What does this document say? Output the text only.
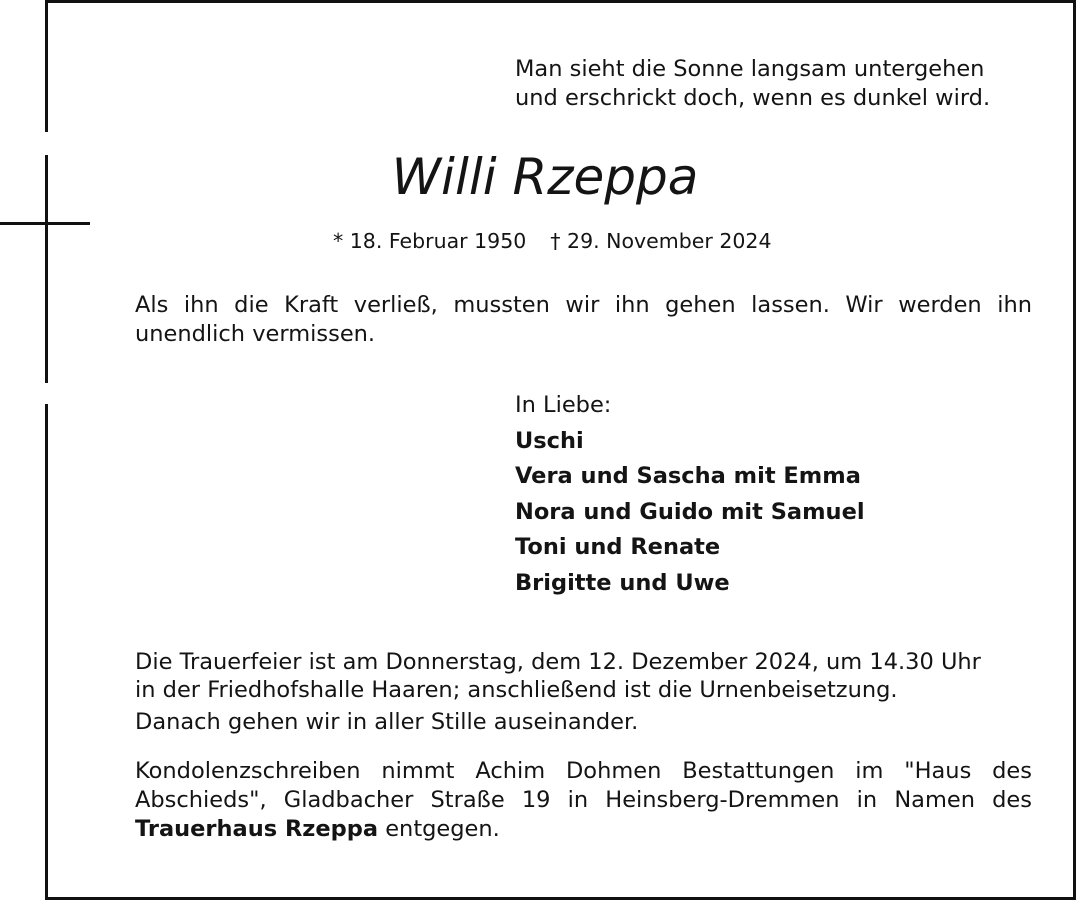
Man sieht die Sonne langsam untergehen
und erschrickt doch, wenn es dunkel wird.
Willi Rzeppa
* 18. Februar 1950 † 29. November 2024
Als ihn die Kraft verließ, mussten wir ihn gehen lassen. Wir werden ihn unendlich vermissen.
In Liebe:
Uschi
Vera und Sascha mit Emma
Nora und Guido mit Samuel
Toni und Renate
Brigitte und Uwe
Die Trauerfeier ist am Donnerstag, dem 12. Dezember 2024, um 14.30 Uhr
in der Friedhofshalle Haaren; anschließend ist die Urnenbeisetzung.
Danach gehen wir in aller Stille auseinander.
Kondolenzschreiben nimmt Achim Dohmen Bestattungen im "Haus des Abschieds", Gladbacher Straße 19 in Heinsberg-Dremmen in Namen des Trauerhaus Rzeppa entgegen.
